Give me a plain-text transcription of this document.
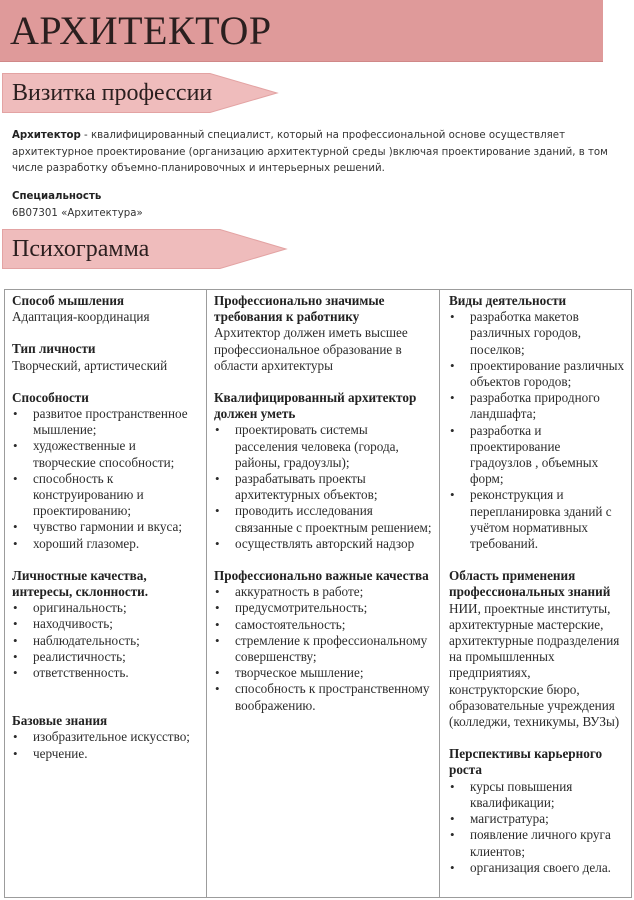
АРХИТЕКТОР
Визитка профессии
Архитектор - квалифицированный специалист, который на профессиональной основе осуществляет архитектурное проектирование (организацию архитектурной среды )включая проектирование зданий, в том числе разработку объемно-планировочных и интерьерных решений.
Специальность
6В07301 «Архитектура»
Психограмма
Способ мышления
Адаптация-координация
Тип личности
Творческий, артистический
Способности
• развитое пространственное мышление;
• художественные и творческие способности;
• способность к конструированию и проектированию;
• чувство гармонии и вкуса;
• хороший глазомер.
Личностные качества, интересы, склонности.
• оригинальность;
• находчивость;
• наблюдательность;
• реалистичность;
• ответственность.
Базовые знания
• изобразительное искусство;
• черчение.
Профессионально значимые требования к работнику
Архитектор должен иметь высшее профессиональное образование в области архитектуры
Квалифицированный архитектор должен уметь
• проектировать системы расселения человека (города, районы, градоузлы);
• разрабатывать проекты архитектурных объектов;
• проводить исследования связанные с проектным решением;
• осуществлять авторский надзор
Профессионально важные качества
• аккуратность в работе;
• предусмотрительность;
• самостоятельность;
• стремление к профессиональному совершенству;
• творческое мышление;
• способность к пространственному воображению.
Виды деятельности
• разработка макетов различных городов, поселков;
• проектирование различных объектов городов;
• разработка природного ландшафта;
• разработка и проектирование градоузлов , объемных форм;
• реконструкция и перепланировка зданий с учётом нормативных требований.
Область применения профессиональных знаний
НИИ, проектные институты, архитектурные мастерские, архитектурные подразделения на промышленных предприятиях, конструкторские бюро, образовательные учреждения (колледжи, техникумы, ВУЗы)
Перспективы карьерного роста
• курсы повышения квалификации;
• магистратура;
• появление личного круга клиентов;
• организация своего дела.
